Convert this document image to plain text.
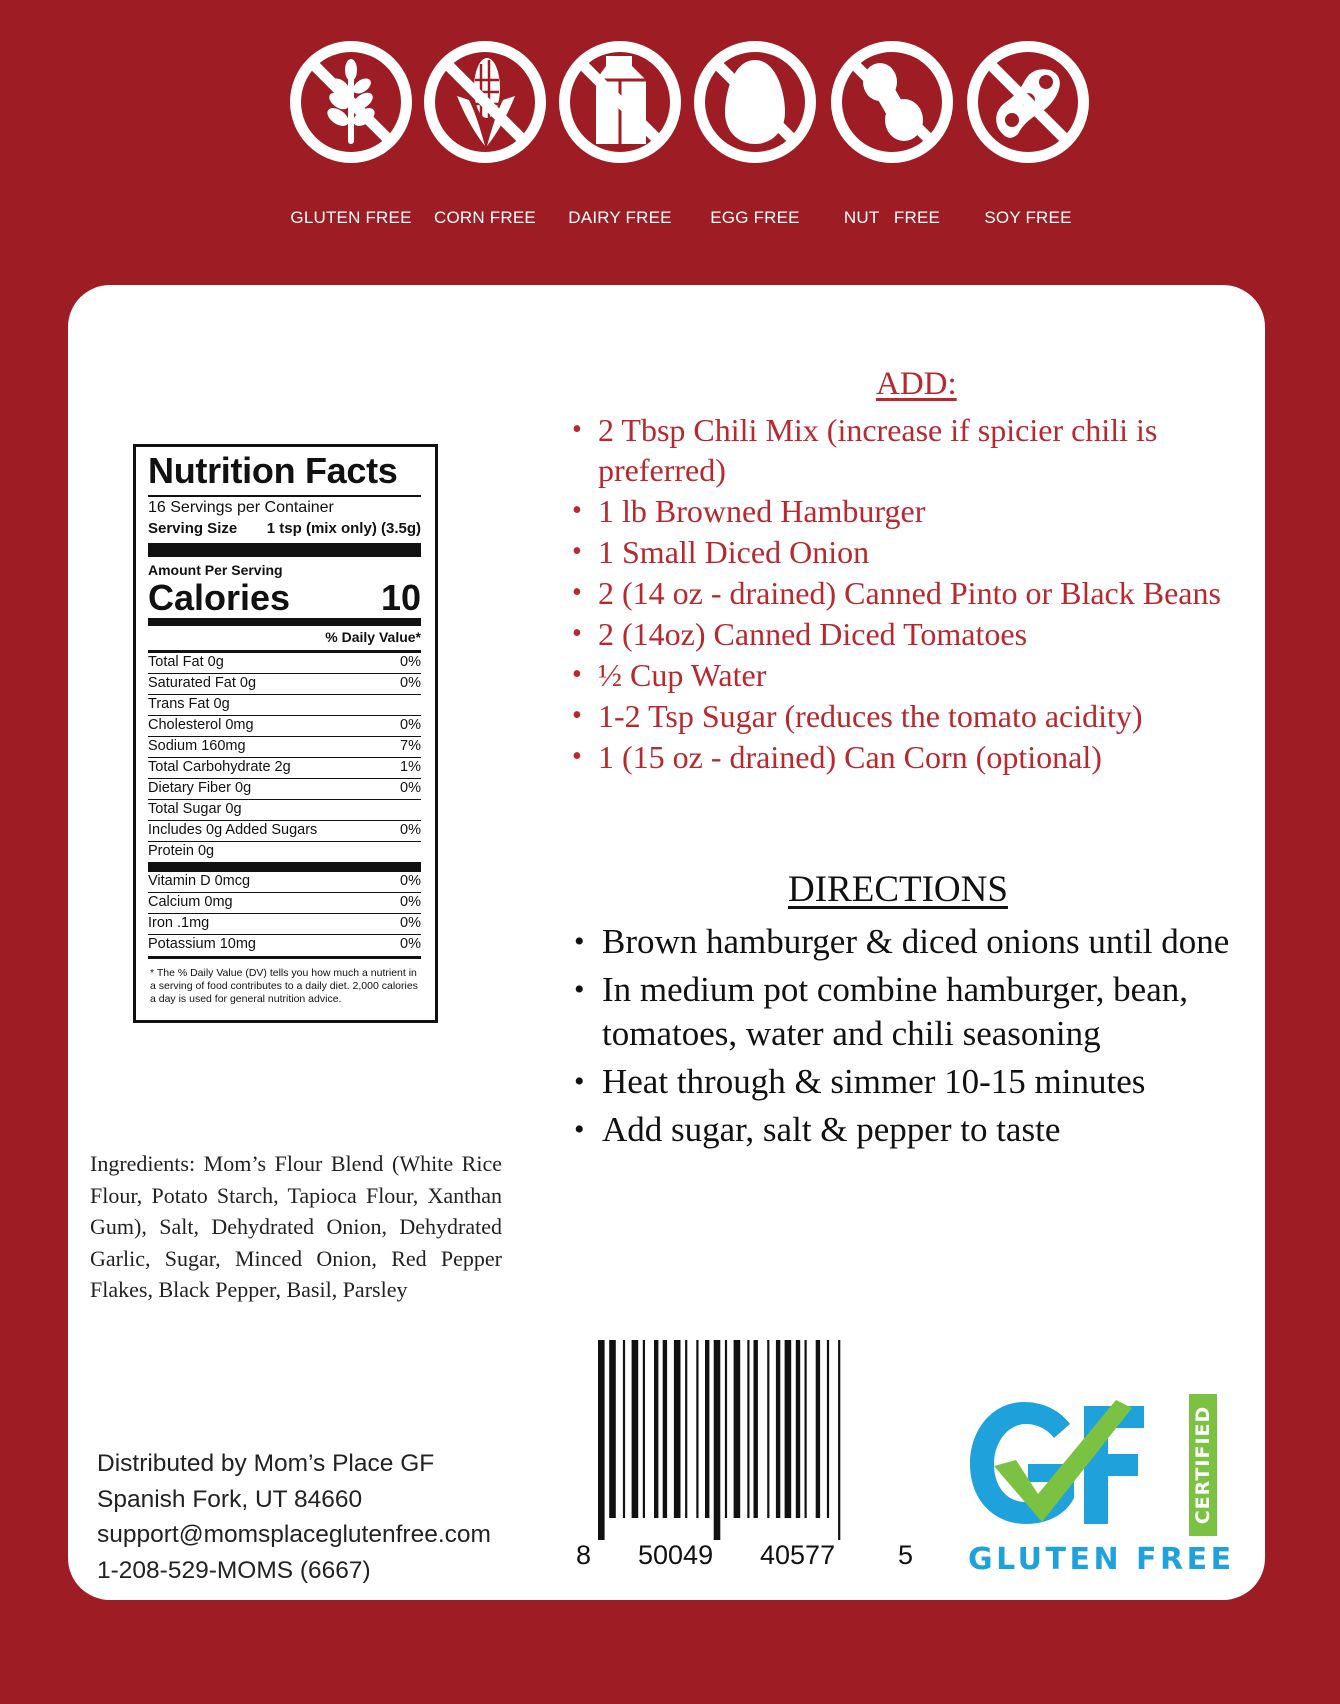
GLUTEN FREE	CORN FREE	DAIRY FREE	EGG FREE	NUT   FREE	SOY FREE
Nutrition Facts
16 Servings per Container
Serving Size 1 tsp (mix only) (3.5g)
Amount Per Serving
Calories	10
% Daily Value*
Total Fat 0g	0%
Saturated Fat 0g	0%
Trans Fat 0g
Cholesterol 0mg	0%
Sodium 160mg	7%
Total Carbohydrate 2g	1%
Dietary Fiber 0g	0%
Total Sugar 0g
Includes 0g Added Sugars	0%
Protein 0g
Vitamin D 0mcg	0%
Calcium 0mg	0%
Iron .1mg	0%
Potassium 10mg	0%
* The % Daily Value (DV) tells you how much a nutrient in a serving of food contributes to a daily diet. 2,000 calories a day is used for general nutrition advice.
Ingredients: Mom’s Flour Blend (White Rice Flour, Potato Starch, Tapioca Flour, Xanthan Gum), Salt, Dehydrated Onion, Dehydrated Garlic, Sugar, Minced Onion, Red Pepper Flakes, Black Pepper, Basil, Parsley
Distributed by Mom’s Place GF
Spanish Fork, UT 84660
support@momsplaceglutenfree.com
1-208-529-MOMS (6667)
ADD:
• 2 Tbsp Chili Mix (increase if spicier chili is preferred)
• 1 lb Browned Hamburger
• 1 Small Diced Onion
• 2 (14 oz - drained) Canned Pinto or Black Beans
• 2 (14oz) Canned Diced Tomatoes
• ½ Cup Water
• 1-2 Tsp Sugar (reduces the tomato acidity)
• 1 (15 oz - drained) Can Corn (optional)
DIRECTIONS
• Brown hamburger & diced onions until done
• In medium pot combine hamburger, bean, tomatoes, water and chili seasoning
• Heat through & simmer 10-15 minutes
• Add sugar, salt & pepper to taste
8 50049 40577 5
CERTIFIED
GLUTEN FREE
